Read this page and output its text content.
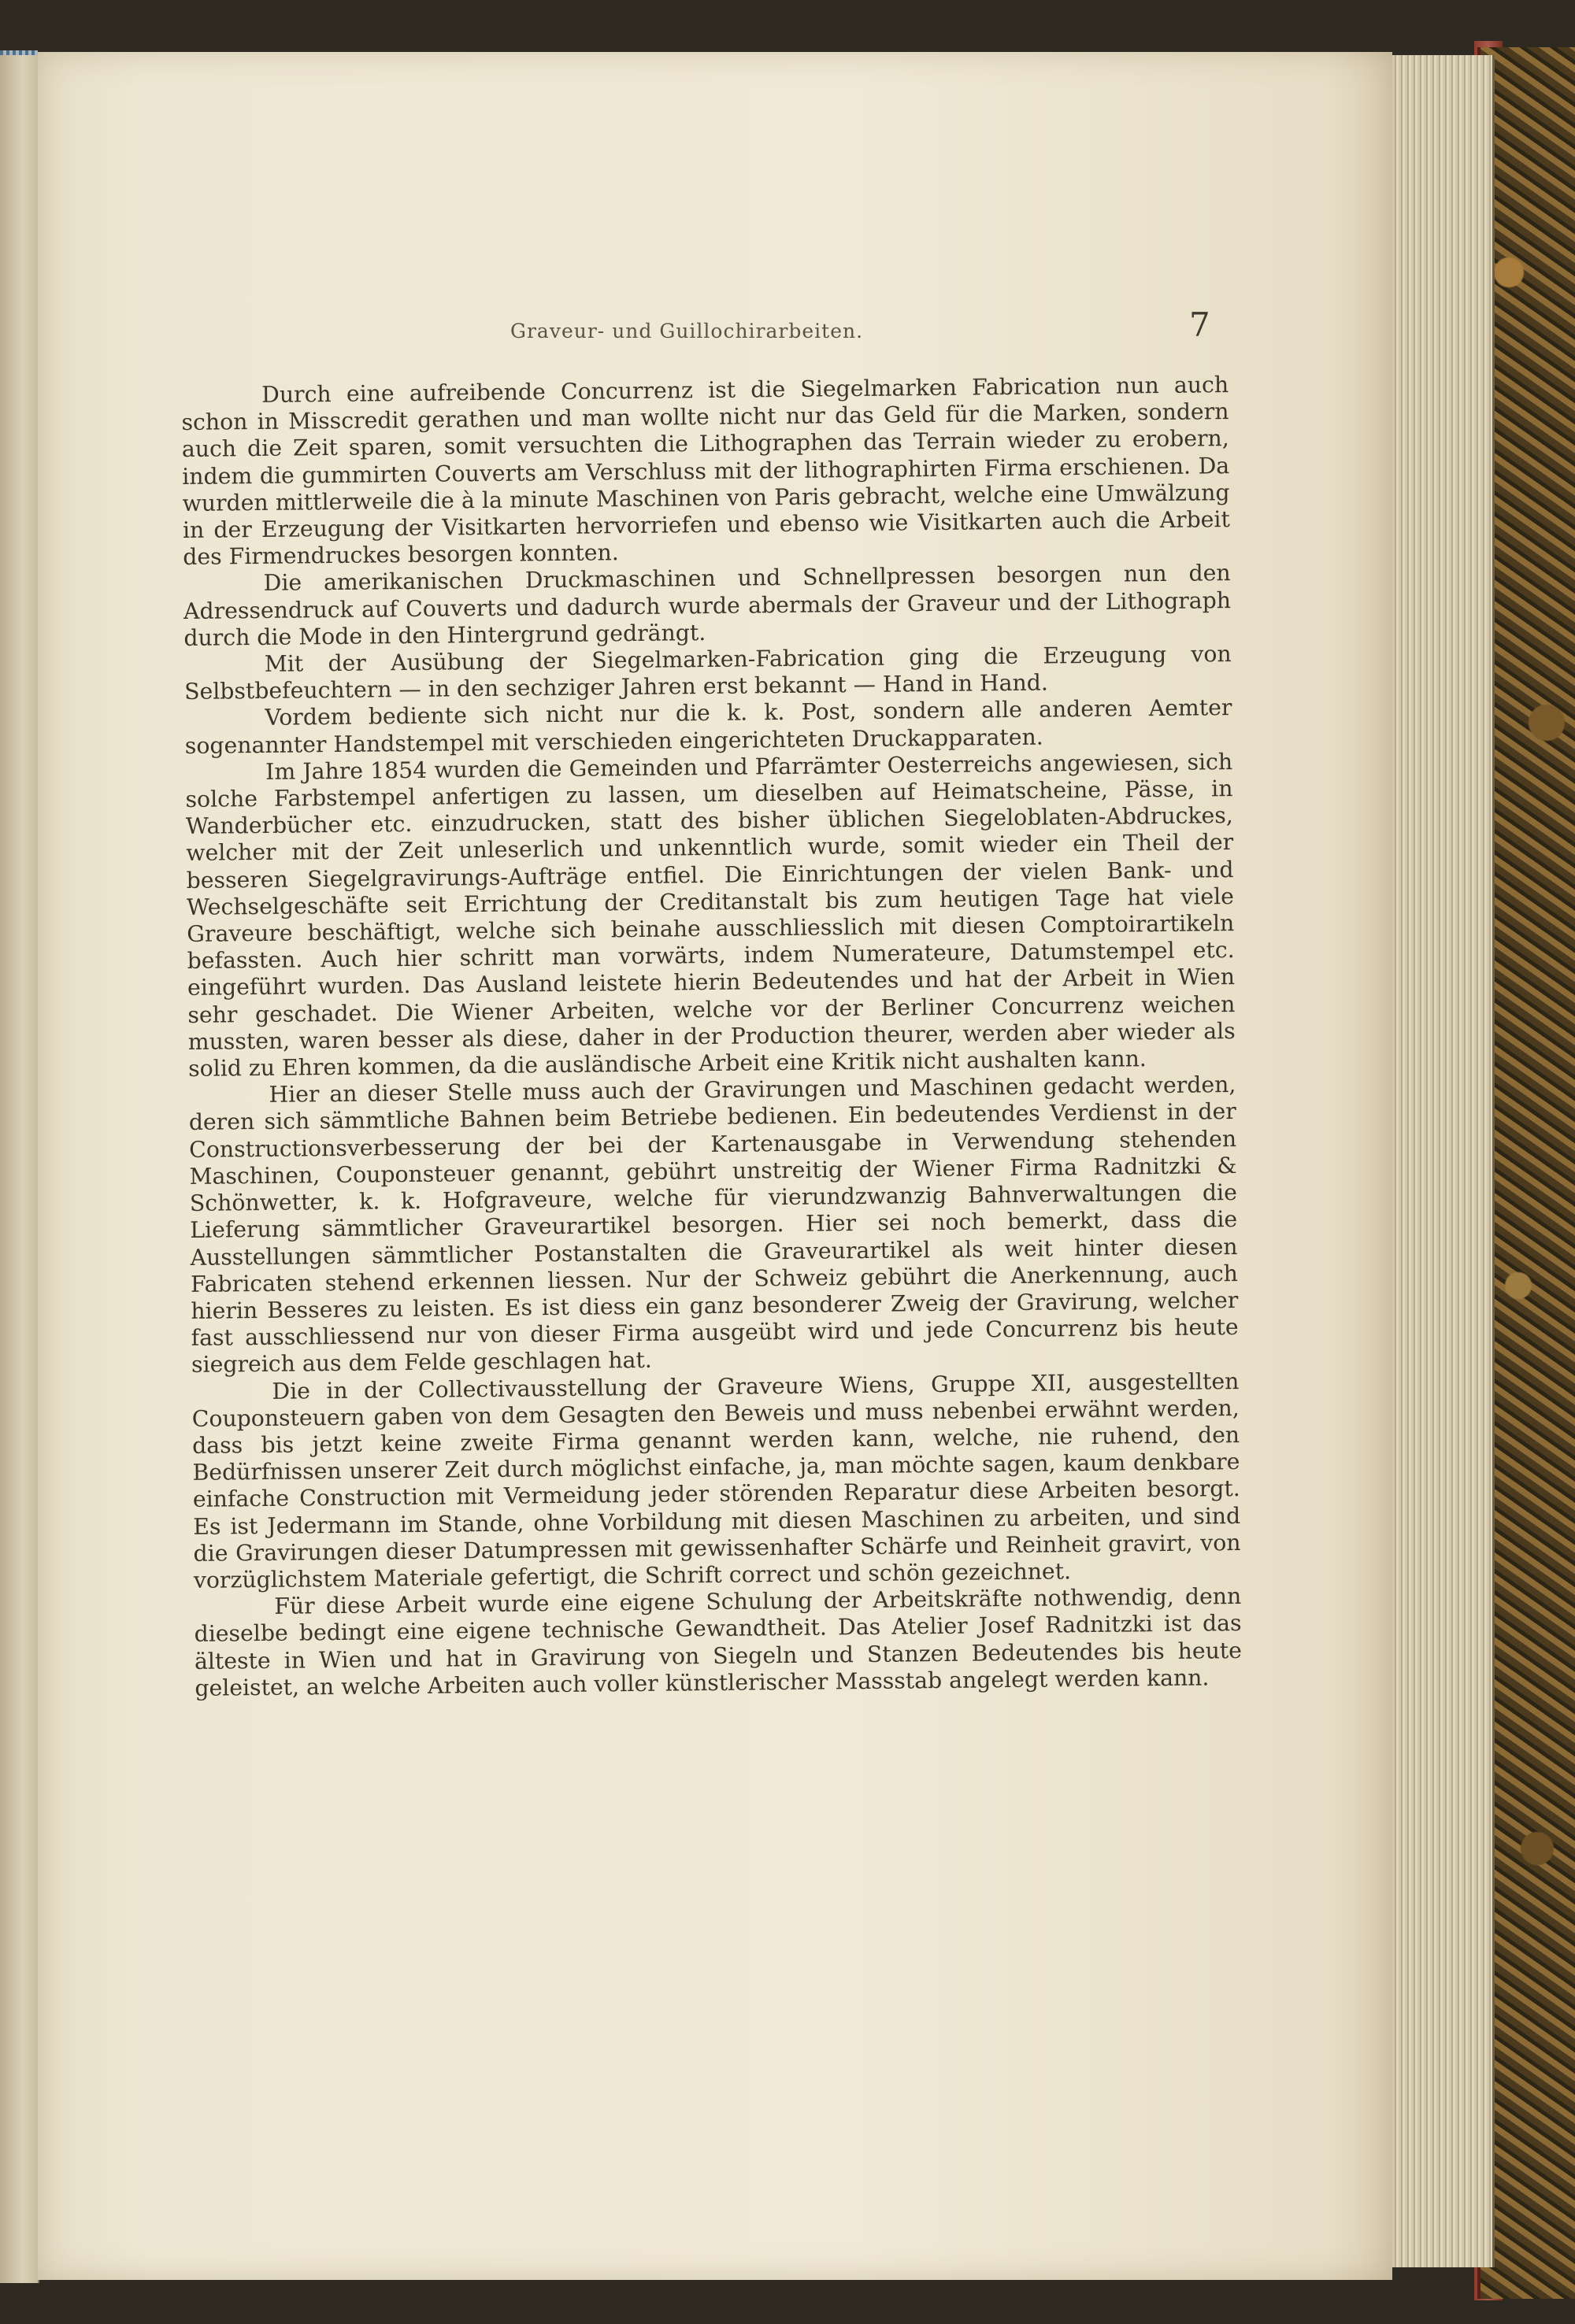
Graveur- und Guillochirarbeiten.	7

Durch eine aufreibende Concurrenz ist die Siegelmarken Fabrication nun auch schon in Misscredit gerathen und man wollte nicht nur das Geld für die Marken, sondern auch die Zeit sparen, somit versuchten die Lithographen das Terrain wieder zu erobern, indem die gummirten Couverts am Verschluss mit der lithographirten Firma erschienen. Da wurden mittlerweile die à la minute Maschinen von Paris gebracht, welche eine Umwälzung in der Erzeugung der Visitkarten hervorriefen und ebenso wie Visitkarten auch die Arbeit des Firmendruckes besorgen konnten.

Die amerikanischen Druckmaschinen und Schnellpressen besorgen nun den Adressendruck auf Couverts und dadurch wurde abermals der Graveur und der Lithograph durch die Mode in den Hintergrund gedrängt.

Mit der Ausübung der Siegelmarken-Fabrication ging die Erzeugung von Selbstbefeuchtern — in den sechziger Jahren erst bekannt — Hand in Hand.

Vordem bediente sich nicht nur die k. k. Post, sondern alle anderen Aemter sogenannter Handstempel mit verschieden eingerichteten Druckapparaten.

Im Jahre 1854 wurden die Gemeinden und Pfarrämter Oesterreichs angewiesen, sich solche Farbstempel anfertigen zu lassen, um dieselben auf Heimatscheine, Pässe, in Wanderbücher etc. einzudrucken, statt des bisher üblichen Siegeloblaten-Abdruckes, welcher mit der Zeit unleserlich und unkenntlich wurde, somit wieder ein Theil der besseren Siegelgravirungs-Aufträge entfiel. Die Einrichtungen der vielen Bank- und Wechselgeschäfte seit Errichtung der Creditanstalt bis zum heutigen Tage hat viele Graveure beschäftigt, welche sich beinahe ausschliesslich mit diesen Comptoirartikeln befassten. Auch hier schritt man vorwärts, indem Numerateure, Datumstempel etc. eingeführt wurden. Das Ausland leistete hierin Bedeutendes und hat der Arbeit in Wien sehr geschadet. Die Wiener Arbeiten, welche vor der Berliner Concurrenz weichen mussten, waren besser als diese, daher in der Production theurer, werden aber wieder als solid zu Ehren kommen, da die ausländische Arbeit eine Kritik nicht aushalten kann.

Hier an dieser Stelle muss auch der Gravirungen und Maschinen gedacht werden, deren sich sämmtliche Bahnen beim Betriebe bedienen. Ein bedeutendes Verdienst in der Constructionsverbesserung der bei der Kartenausgabe in Verwendung stehenden Maschinen, Couponsteuer genannt, gebührt unstreitig der Wiener Firma Radnitzki & Schönwetter, k. k. Hofgraveure, welche für vierundzwanzig Bahnverwaltungen die Lieferung sämmtlicher Graveurartikel besorgen. Hier sei noch bemerkt, dass die Ausstellungen sämmtlicher Postanstalten die Graveurartikel als weit hinter diesen Fabricaten stehend erkennen liessen. Nur der Schweiz gebührt die Anerkennung, auch hierin Besseres zu leisten. Es ist diess ein ganz besonderer Zweig der Gravirung, welcher fast ausschliessend nur von dieser Firma ausgeübt wird und jede Concurrenz bis heute siegreich aus dem Felde geschlagen hat.

Die in der Collectivausstellung der Graveure Wiens, Gruppe XII, ausgestellten Couponsteuern gaben von dem Gesagten den Beweis und muss nebenbei erwähnt werden, dass bis jetzt keine zweite Firma genannt werden kann, welche, nie ruhend, den Bedürfnissen unserer Zeit durch möglichst einfache, ja, man möchte sagen, kaum denkbare einfache Construction mit Vermeidung jeder störenden Reparatur diese Arbeiten besorgt. Es ist Jedermann im Stande, ohne Vorbildung mit diesen Maschinen zu arbeiten, und sind die Gravirungen dieser Datumpressen mit gewissenhafter Schärfe und Reinheit gravirt, von vorzüglichstem Materiale gefertigt, die Schrift correct und schön gezeichnet.

Für diese Arbeit wurde eine eigene Schulung der Arbeitskräfte nothwendig, denn dieselbe bedingt eine eigene technische Gewandtheit. Das Atelier Josef Radnitzki ist das älteste in Wien und hat in Gravirung von Siegeln und Stanzen Bedeutendes bis heute geleistet, an welche Arbeiten auch voller künstlerischer Massstab angelegt werden kann.
